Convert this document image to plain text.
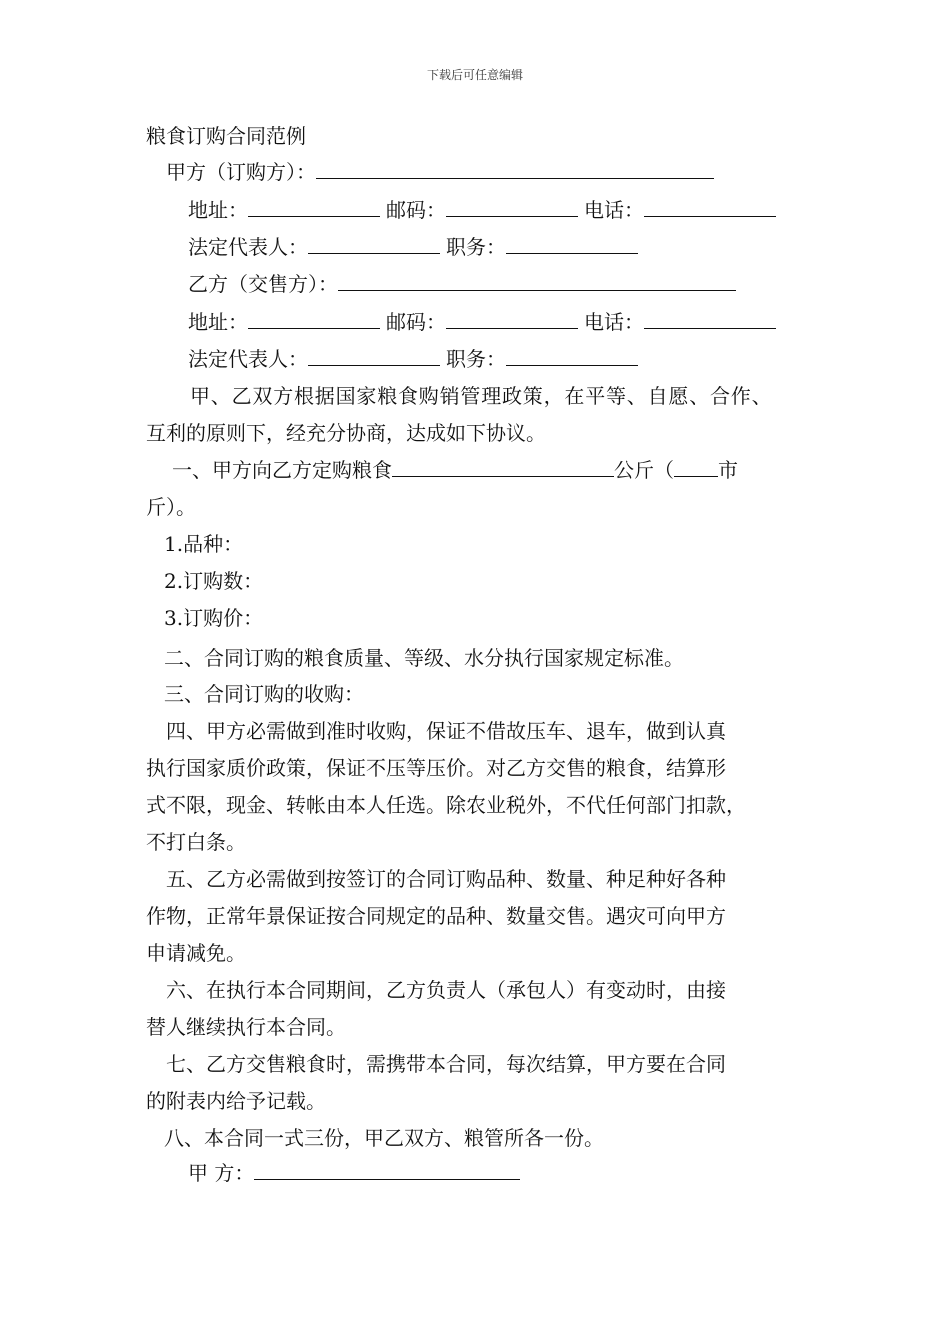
下载后可任意编辑
粮食订购合同范例
甲方（订购方）：
地址：	邮码：	电话：
法定代表人：	职务：
乙方（交售方）：
地址：	邮码：	电话：
法定代表人：	职务：
甲、乙双方根据国家粮食购销管理政策，在平等、自愿、合作、
互利的原则下，经充分协商，达成如下协议。
一、甲方向乙方定购粮食	公斤（ 市
斤）。
1.品种：
2.订购数：
3.订购价：
二、合同订购的粮食质量、等级、水分执行国家规定标准。
三、合同订购的收购：
四、甲方必需做到准时收购，保证不借故压车、退车，做到认真
执行国家质价政策，保证不压等压价。对乙方交售的粮食，结算形
式不限，现金、转帐由本人任选。除农业税外，不代任何部门扣款，
不打白条。
五、乙方必需做到按签订的合同订购品种、数量、种足种好各种
作物，正常年景保证按合同规定的品种、数量交售。遇灾可向甲方
申请减免。
六、在执行本合同期间，乙方负责人（承包人）有变动时，由接
替人继续执行本合同。
七、乙方交售粮食时，需携带本合同，每次结算，甲方要在合同
的附表内给予记载。
八、本合同一式三份，甲乙双方、粮管所各一份。
甲 方：
